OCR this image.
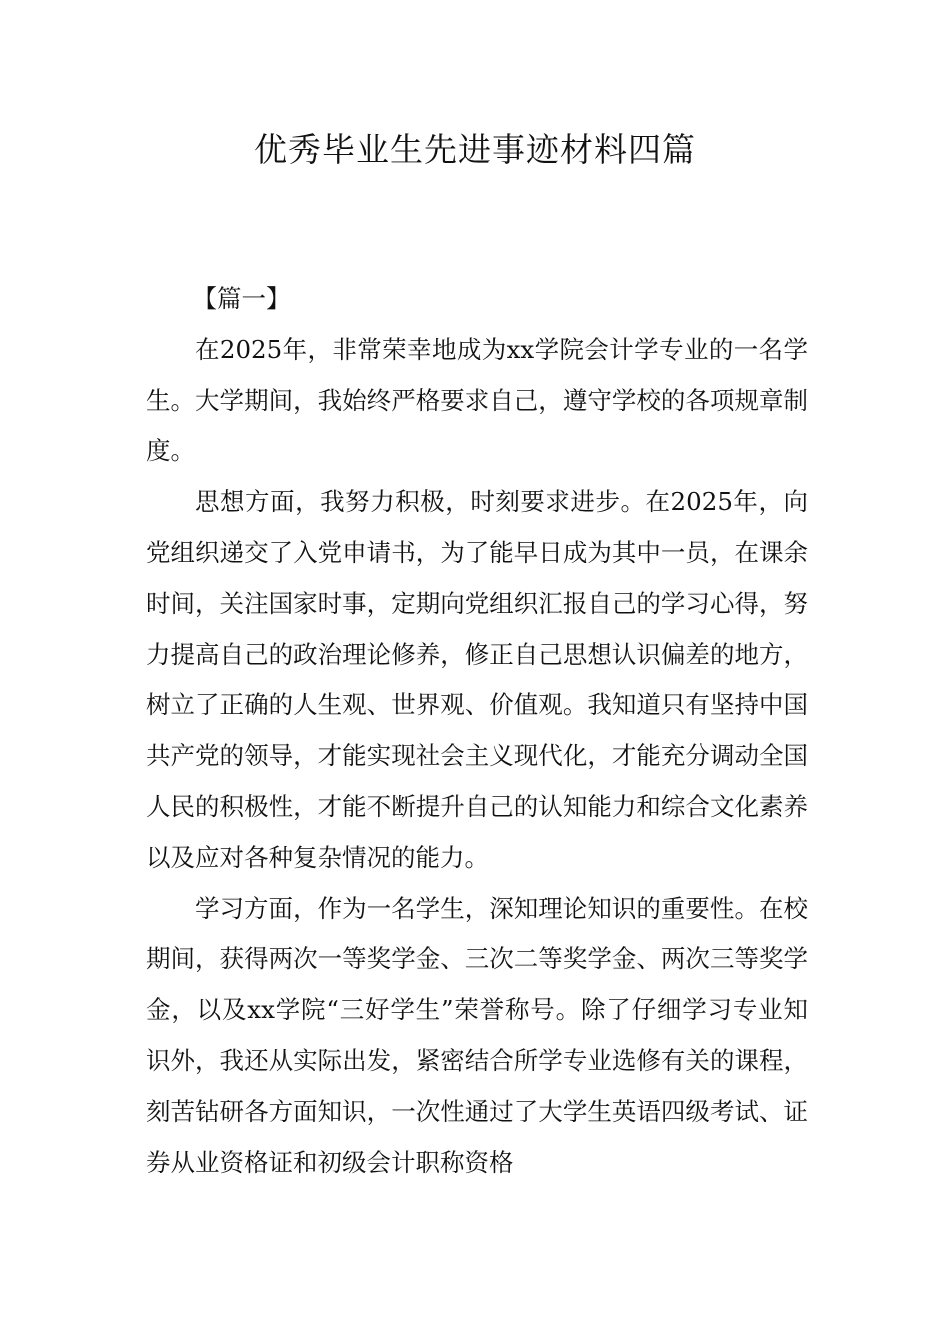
优秀毕业生先进事迹材料四篇

【篇一】

在2025年，非常荣幸地成为xx学院会计学专业的一名学生。大学期间，我始终严格要求自己，遵守学校的各项规章制度。

思想方面，我努力积极，时刻要求进步。在2025年，向党组织递交了入党申请书，为了能早日成为其中一员，在课余时间，关注国家时事，定期向党组织汇报自己的学习心得，努力提高自己的政治理论修养，修正自己思想认识偏差的地方，树立了正确的人生观、世界观、价值观。我知道只有坚持中国共产党的领导，才能实现社会主义现代化，才能充分调动全国人民的积极性，才能不断提升自己的认知能力和综合文化素养以及应对各种复杂情况的能力。

学习方面，作为一名学生，深知理论知识的重要性。在校期间，获得两次一等奖学金、三次二等奖学金、两次三等奖学金，以及xx学院“三好学生”荣誉称号。除了仔细学习专业知识外，我还从实际出发，紧密结合所学专业选修有关的课程，刻苦钻研各方面知识，一次性通过了大学生英语四级考试、证券从业资格证和初级会计职称资格
